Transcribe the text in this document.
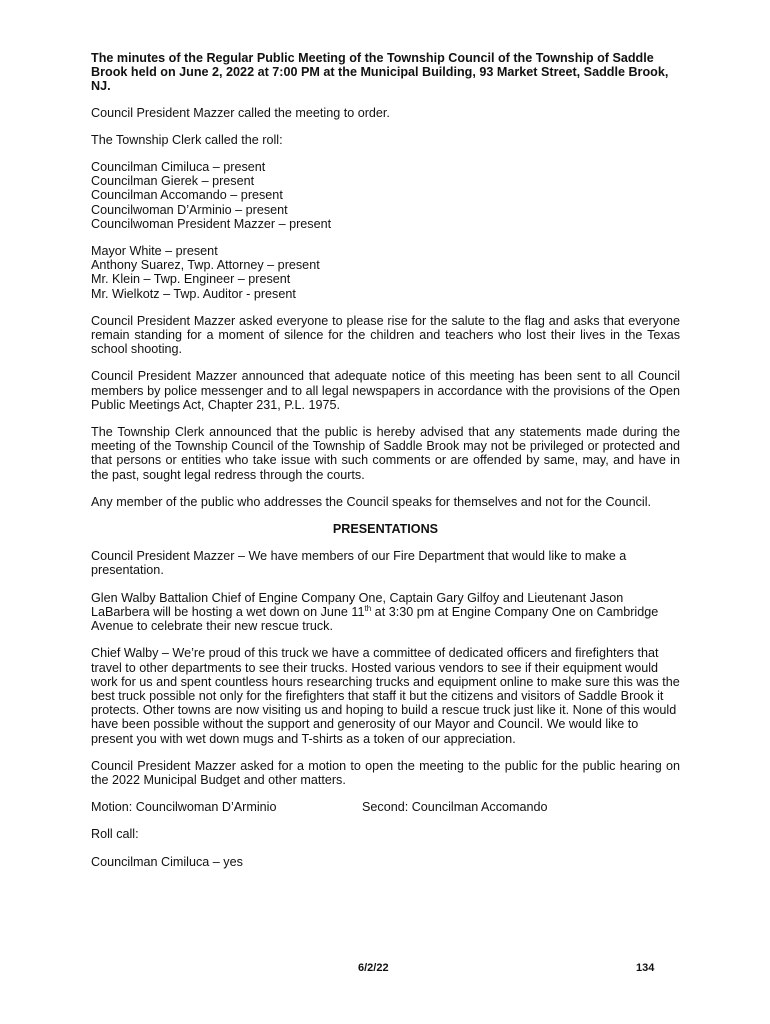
The minutes of the Regular Public Meeting of the Township Council of the Township of Saddle Brook held on June 2, 2022 at 7:00 PM at the Municipal Building, 93 Market Street, Saddle Brook, NJ.

Council President Mazzer called the meeting to order.

The Township Clerk called the roll:

Councilman Cimiluca – present
Councilman Gierek – present
Councilman Accomando – present
Councilwoman D’Arminio – present
Councilwoman President Mazzer – present
Mayor White – present
Anthony Suarez, Twp. Attorney – present
Mr. Klein – Twp. Engineer – present
Mr. Wielkotz – Twp. Auditor - present

Council President Mazzer asked everyone to please rise for the salute to the flag and asks that everyone remain standing for a moment of silence for the children and teachers who lost their lives in the Texas school shooting.

Council President Mazzer announced that adequate notice of this meeting has been sent to all Council members by police messenger and to all legal newspapers in accordance with the provisions of the Open Public Meetings Act, Chapter 231, P.L. 1975.

The Township Clerk announced that the public is hereby advised that any statements made during the meeting of the Township Council of the Township of Saddle Brook may not be privileged or protected and that persons or entities who take issue with such comments or are offended by same, may, and have in the past, sought legal redress through the courts.

Any member of the public who addresses the Council speaks for themselves and not for the Council.

PRESENTATIONS

Council President Mazzer – We have members of our Fire Department that would like to make a presentation.

Glen Walby Battalion Chief of Engine Company One, Captain Gary Gilfoy and Lieutenant Jason LaBarbera will be hosting a wet down on June 11th at 3:30 pm at Engine Company One on Cambridge Avenue to celebrate their new rescue truck.

Chief Walby – We’re proud of this truck we have a committee of dedicated officers and firefighters that travel to other departments to see their trucks. Hosted various vendors to see if their equipment would work for us and spent countless hours researching trucks and equipment online to make sure this was the best truck possible not only for the firefighters that staff it but the citizens and visitors of Saddle Brook it protects. Other towns are now visiting us and hoping to build a rescue truck just like it. None of this would have been possible without the support and generosity of our Mayor and Council. We would like to present you with wet down mugs and T-shirts as a token of our appreciation.

Council President Mazzer asked for a motion to open the meeting to the public for the public hearing on the 2022 Municipal Budget and other matters.

Motion: Councilwoman D’Arminio	Second: Councilman Accomando

Roll call:

Councilman Cimiluca – yes

6/2/22	134
